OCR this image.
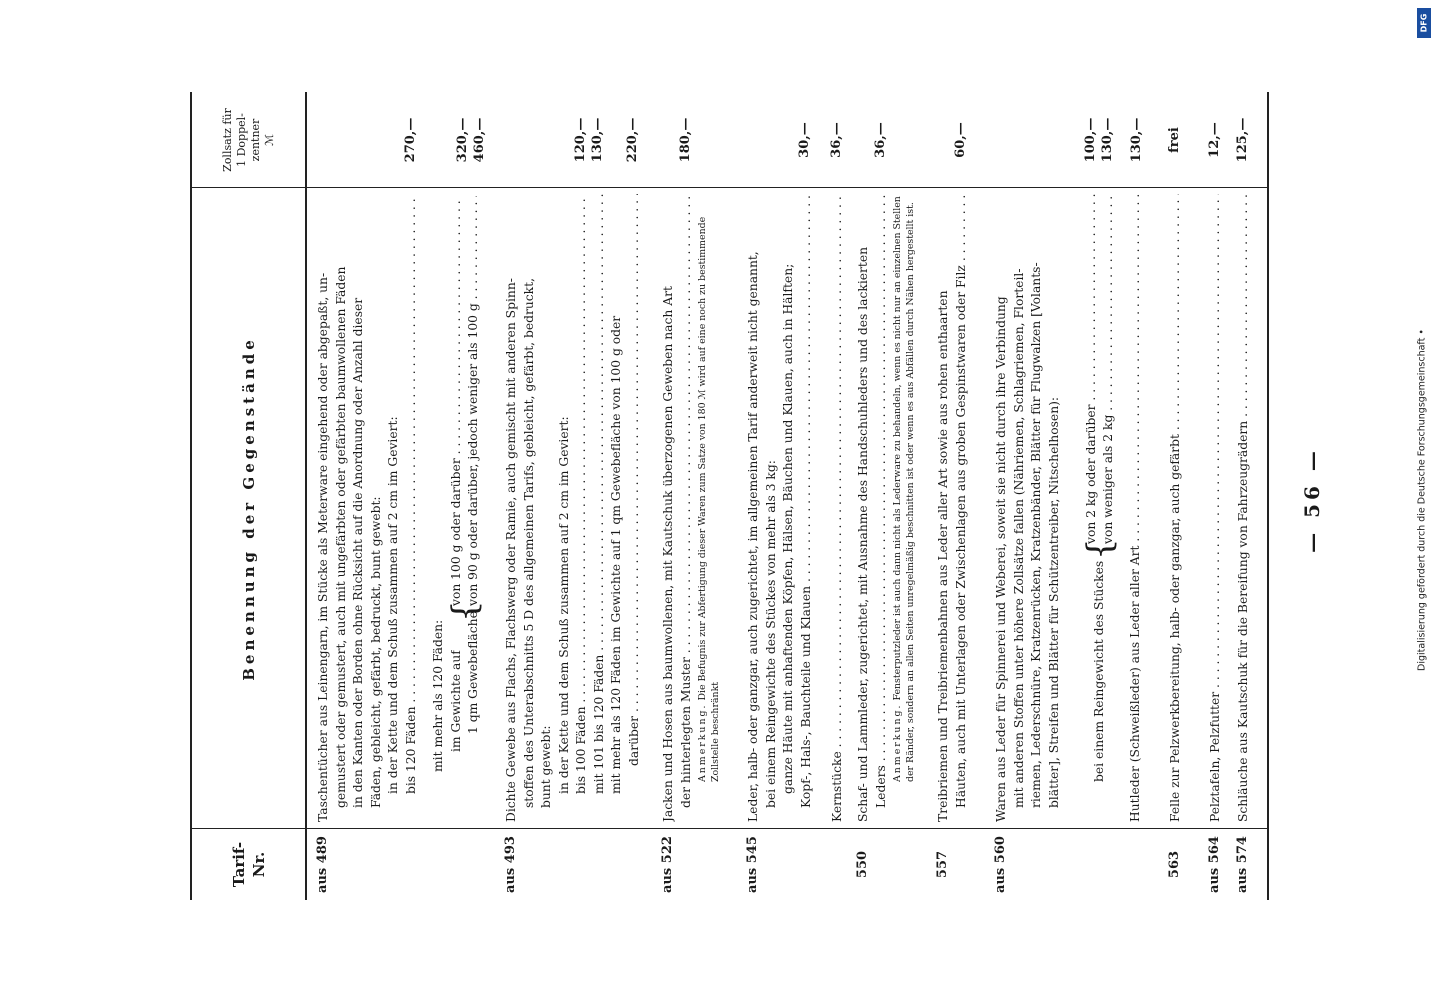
— 56 —
Tarif-
Nr.
Benennung der Gegenstände
Zollsatz für
1 Doppel-
zentner
ℳ
aus 489
Taschentücher aus Leinengarn, im Stücke als Meterware eingehend oder abgepaßt, un- gemustert oder gemustert, auch mit ungefärbten oder gefärbten baumwollenen Fäden in den Kanten oder Borden ohne Rücksicht auf die Anordnung oder Anzahl dieser Fäden, gebleicht, gefärbt, bedruckt, bunt gewebt: in der Kette und dem Schuß zusammen auf 2 cm im Geviert: bis 120 Fäden . . . mit mehr als 120 Fäden: im Gewichte auf 1 qm Gewebefläche
{
von 100 g oder darüber . . . von 90 g oder darüber, jedoch weniger als 100 g . . .
270,—	320,— 460,—
aus 493
Dichte Gewebe aus Flachs, Flachswerg oder Ramie, auch gemischt mit anderen Spinn- stoffen des Unterabschnitts 5 D des allgemeinen Tarifs, gebleicht, gefärbt, bedruckt, bunt gewebt: in der Kette und dem Schuß zusammen auf 2 cm im Geviert: bis 100 Fäden . . . mit 101 bis 120 Fäden . . . mit mehr als 120 Fäden im Gewichte auf 1 qm Gewebefläche von 100 g oder darüber . . .
120,— 130,— 220,—
aus 522
Jacken und Hosen aus baumwollenen, mit Kautschuk überzogenen Geweben nach Art der hinterlegten Muster . . . Anmerkung. Die Befugnis zur Abfertigung dieser Waren zum Satze von 180 ℳ wird auf eine noch zu bestimmende Zollstelle beschränkt
180,—
aus 545
Leder, halb- oder ganzgar, auch zugerichtet, im allgemeinen Tarif anderweit nicht genannt, bei einem Reingewichte des Stückes von mehr als 3 kg: ganze Häute mit anhaftenden Köpfen, Hälsen, Bäuchen und Klauen, auch in Hälften; Kopf-, Hals-, Bauchteile und Klauen . . . Kernstücke . . .
30,— 36,—
550
Schaf- und Lammleder, zugerichtet, mit Ausnahme des Handschuhleders und des lackierten Leders . . .
Anmerkung. Fensterputzleder ist auch dann nicht als Lederware zu behandeln, wenn es nicht nur an einzelnen Stellen der Ränder, sondern an allen Seiten unregelmäßig beschnitten ist oder wenn es aus Abfällen durch Nähen hergestellt ist.
36,—
557
Treibriemen und Treibriemenbahnen aus Leder aller Art sowie aus rohen enthaarten Häuten, auch mit Unterlagen oder Zwischenlagen aus groben Gespinstwaren oder Filz . . .
60,—
aus 560
Waren aus Leder für Spinnerei und Weberei, soweit sie nicht durch ihre Verbindung mit anderen Stoffen unter höhere Zollsätze fallen (Nähriemen, Schlagriemen, Florteil- riemen, Lederschnüre, Kratzenrücken, Kratzenbänder, Blätter für Flugwalzen [Volants- blätter], Streifen und Blätter für Schützentreiber, Nitschelhosen):	bei einem Reingewicht des Stückes
{
von 2 kg oder darüber . . . von weniger als 2 kg . . .
Hutleder (Schweißleder) aus Leder aller Art . . .
100,— 130,— 130,—
563
Felle zur Pelzwerkbereitung, halb- oder ganzgar, auch gefärbt . . .
frei
aus 564
Pelztafeln, Pelzfutter . . .
12,—
aus 574
Schläuche aus Kautschuk für die Bereifung von Fahrzeugrädern . . .
125,—
Digitalisierung gefördert durch die Deutsche Forschungsgemeinschaft •
DFG
